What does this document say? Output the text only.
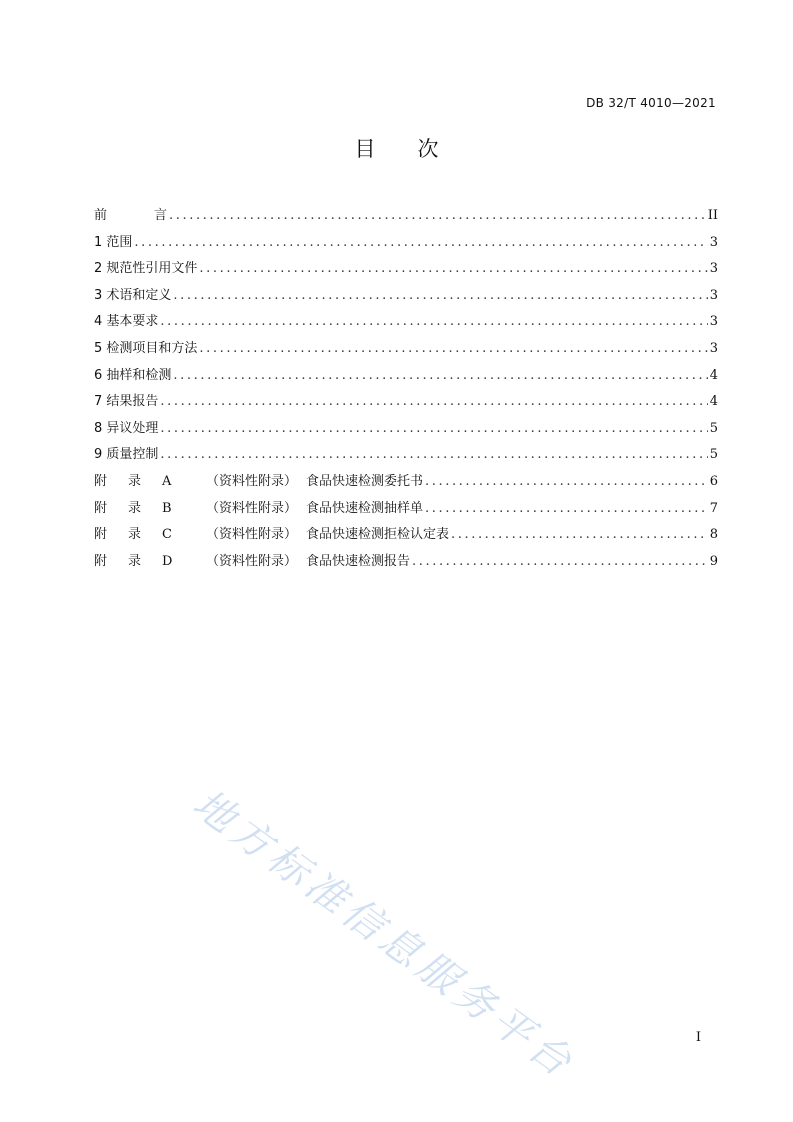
DB 32/T 4010—2021
目 次
前	言 .....	II
1 范围 .....	3
2 规范性引用文件 .....	3
3 术语和定义 .....	3
4 基本要求 .....	3
5 检测项目和方法 .....	3
6 抽样和检测 .....	4
7 结果报告 .....	4
8 异议处理 .....	5
9 质量控制 .....	5
附	录	A	（资料性附录） 食品快速检测委托书 .....	6
附	录	B	（资料性附录） 食品快速检测抽样单 .....	7
附	录	C	（资料性附录） 食品快速检测拒检认定表 .....	8
附	录	D	（资料性附录） 食品快速检测报告 .....	9
地方标准信息服务平台	I
